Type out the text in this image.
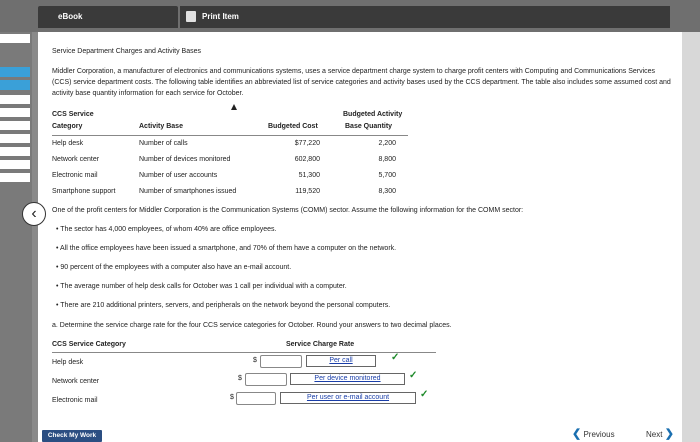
eBook	Print Item
‹
Service Department Charges and Activity Bases
Middler Corporation, a manufacturer of electronics and communications systems, uses a service department charge system to charge profit centers with Computing and Communications Services (CCS) service department costs. The following table identifies an abbreviated list of service categories and activity bases used by the CCS department. The table also includes some assumed cost and activity base quantity information for each service for October.
CCS Service	Budgeted Activity
Category	Activity Base	Budgeted Cost	Base Quantity
Help desk	Number of calls	$77,220	2,200
Network center	Number of devices monitored	602,800	8,800
Electronic mail	Number of user accounts	51,300	5,700
Smartphone support	Number of smartphones issued	119,520	8,300
One of the profit centers for Middler Corporation is the Communication Systems (COMM) sector. Assume the following information for the COMM sector:
• The sector has 4,000 employees, of whom 40% are office employees.
• All the office employees have been issued a smartphone, and 70% of them have a computer on the network.
• 90 percent of the employees with a computer also have an e-mail account.
• The average number of help desk calls for October was 1 call per individual with a computer.
• There are 210 additional printers, servers, and peripherals on the network beyond the personal computers.
a. Determine the service charge rate for the four CCS service categories for October. Round your answers to two decimal places.
CCS Service Category	Service Charge Rate
Help desk	$	Per call	✓
Network center	$	Per device monitored	✓
Electronic mail	$	Per user or e-mail account	✓
Check My Work	❮ Previous	Next ❯
